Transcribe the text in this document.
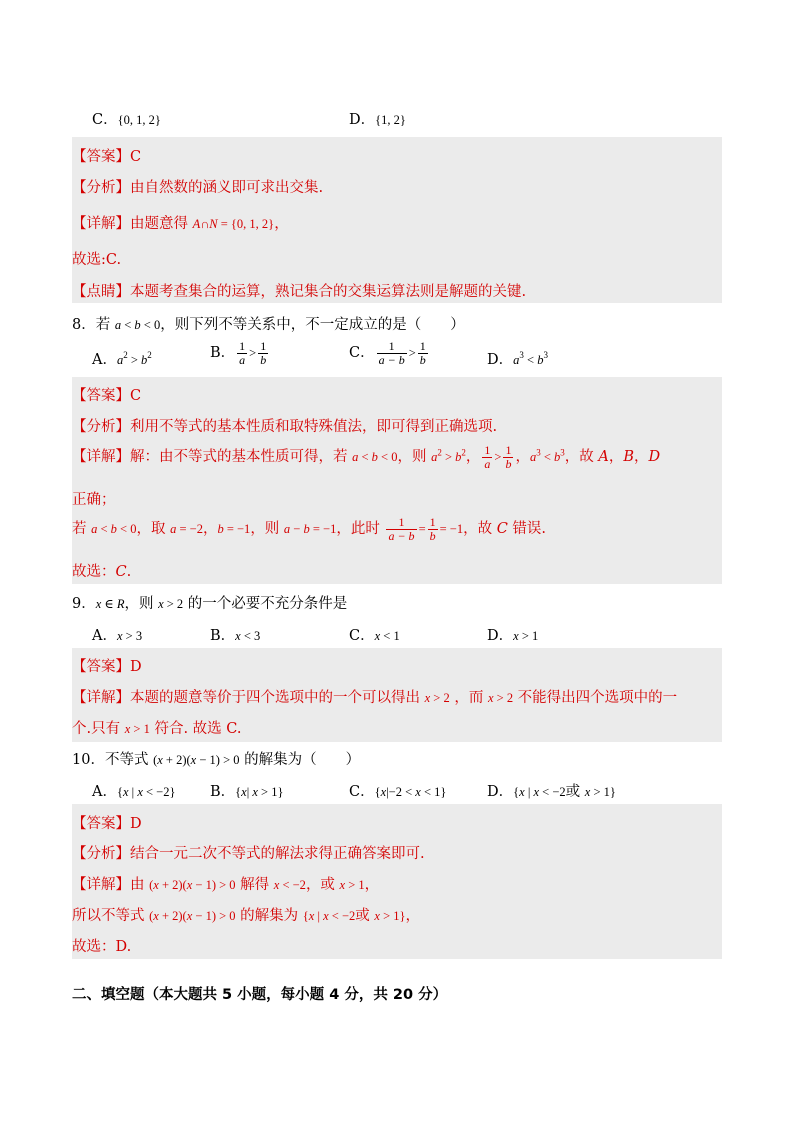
C．{0, 1, 2}	D．{1, 2}
【答案】C
【分析】由自然数的涵义即可求出交集.
【详解】由题意得 A∩N = {0, 1, 2}，
故选:C.
【点睛】本题考查集合的运算，熟记集合的交集运算法则是解题的关键.
8．若 a < b < 0，则下列不等关系中，不一定成立的是（　　）
A．$a^2 > b^2$	B． $\frac{1}{a} > \frac{1}{b}$	C． $\frac{1}{a - b} > \frac{1}{b}$	D．$a^3 < b^3$
【答案】C
【分析】利用不等式的基本性质和取特殊值法，即可得到正确选项.
【详解】解：由不等式的基本性质可得，若 a < b < 0，则 $a^2 > b^2$， $\frac{1}{a} > \frac{1}{b}$ ，$a^3 < b^3$，故 A，B，D
正确；
若 a < b < 0，取 a = −2，b = −1，则 a − b = −1，此时 $\frac{1}{a - b} = \frac{1}{b} = -1$，故 C 错误.
故选：C.
9．x ∈ R，则 x > 2 的一个必要不充分条件是
A．x > 3	B．x < 3	C．x < 1	D．x > 1
【答案】D
【详解】本题的题意等价于四个选项中的一个可以得出 x > 2 ，而 x > 2 不能得出四个选项中的一
个.只有 x > 1 符合. 故选 C.
10．不等式 (x + 2)(x − 1) > 0 的解集为（　　）
A．{x | x < −2} B．{x| x > 1}	C．{x|−2 < x < 1}	D．{x | x < −2或 x > 1}
【答案】D
【分析】结合一元二次不等式的解法求得正确答案即可.
【详解】由 (x + 2)(x − 1) > 0 解得 x < −2，或 x > 1，
所以不等式 (x + 2)(x − 1) > 0 的解集为 {x | x < −2或 x > 1}，
故选：D.
二、填空题（本大题共 5 小题，每小题 4 分，共 20 分）
